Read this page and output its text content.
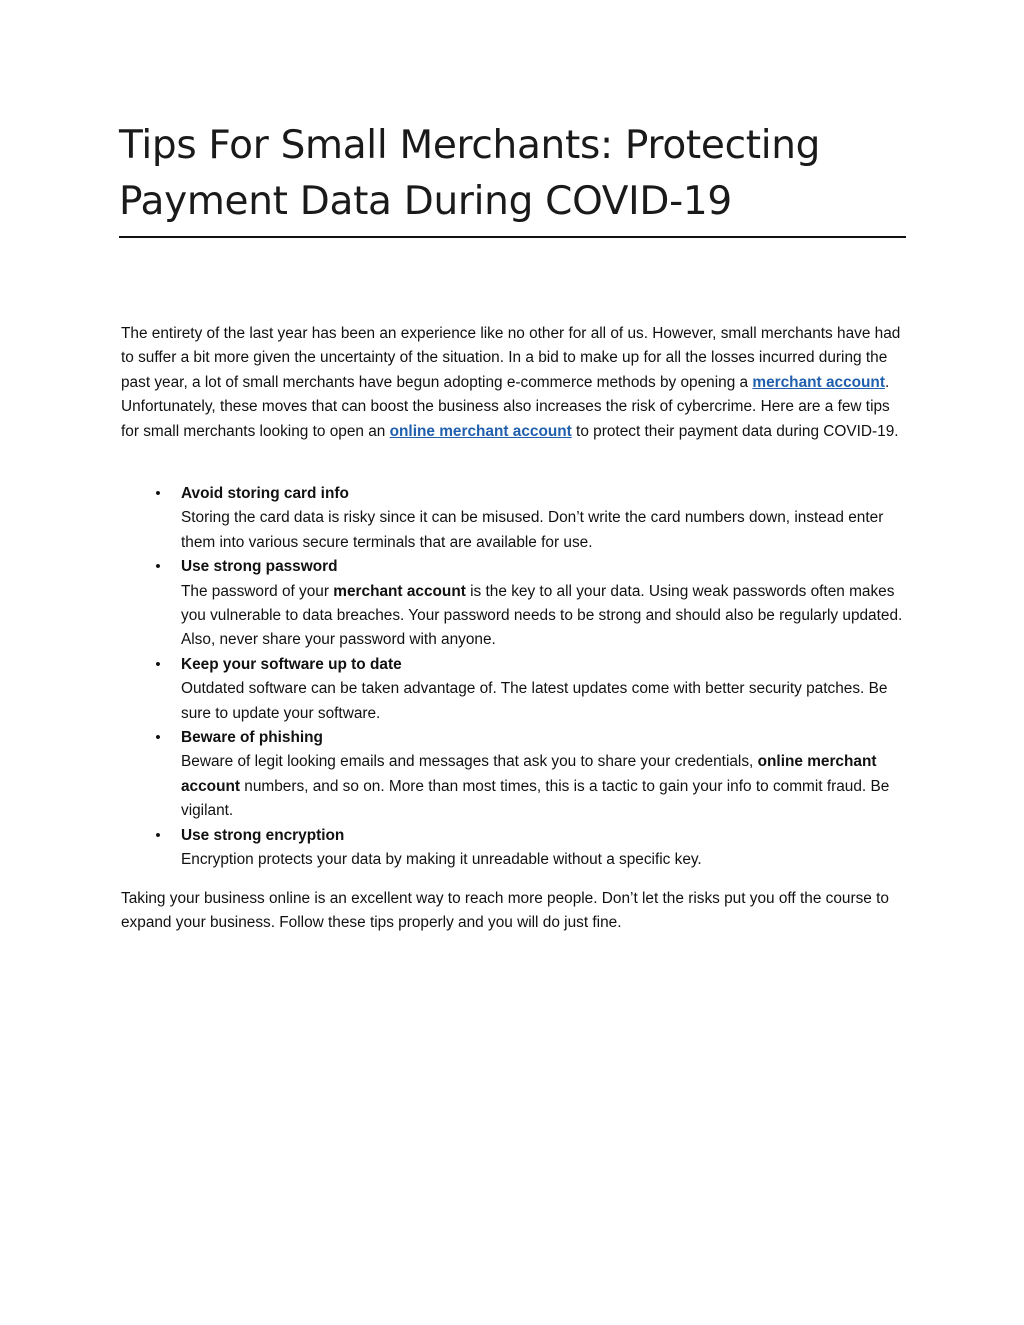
Tips For Small Merchants: Protecting

Payment Data During COVID-19

The entirety of the last year has been an experience like no other for all of us. However, small merchants have had to suffer a bit more given the uncertainty of the situation. In a bid to make up for all the losses incurred during the past year, a lot of small merchants have begun adopting e-commerce methods by opening a merchant account. Unfortunately, these moves that can boost the business also increases the risk of cybercrime. Here are a few tips for small merchants looking to open an online merchant account to protect their payment data during COVID-19.

• Avoid storing card info
Storing the card data is risky since it can be misused. Don’t write the card numbers down, instead enter them into various secure terminals that are available for use.
• Use strong password
The password of your merchant account is the key to all your data. Using weak passwords often makes you vulnerable to data breaches. Your password needs to be strong and should also be regularly updated. Also, never share your password with anyone.
• Keep your software up to date
Outdated software can be taken advantage of. The latest updates come with better security patches. Be sure to update your software.
• Beware of phishing
Beware of legit looking emails and messages that ask you to share your credentials, online merchant account numbers, and so on. More than most times, this is a tactic to gain your info to commit fraud. Be vigilant.
• Use strong encryption
Encryption protects your data by making it unreadable without a specific key.

Taking your business online is an excellent way to reach more people. Don’t let the risks put you off the course to expand your business. Follow these tips properly and you will do just fine.
